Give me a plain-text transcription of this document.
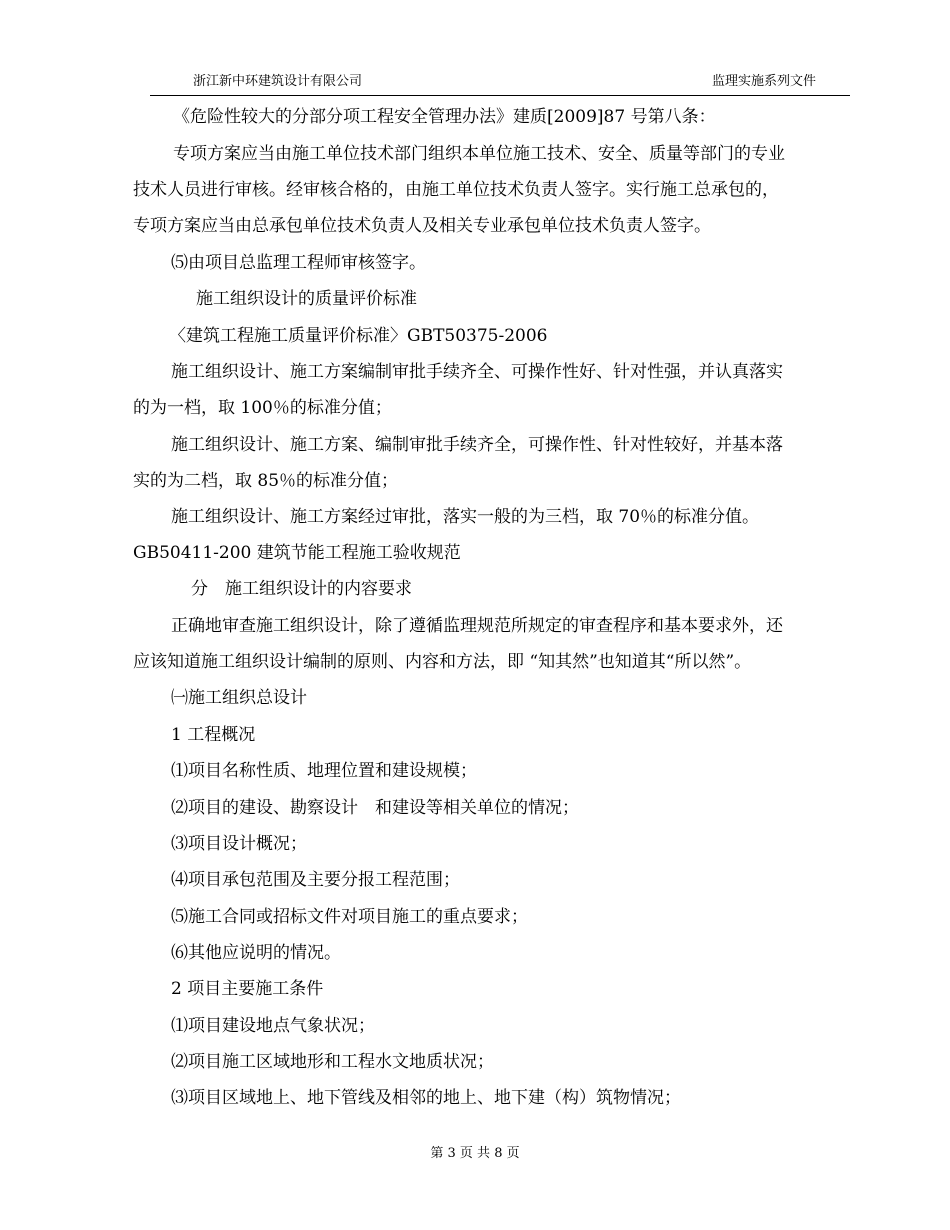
浙江新中环建筑设计有限公司	监理实施系列文件
《危险性较大的分部分项工程安全管理办法》建质[2009]87 号第八条：
专项方案应当由施工单位技术部门组织本单位施工技术、安全、质量等部门的专业
技术人员进行审核。经审核合格的，由施工单位技术负责人签字。实行施工总承包的，
专项方案应当由总承包单位技术负责人及相关专业承包单位技术负责人签字。
⑸由项目总监理工程师审核签字。
施工组织设计的质量评价标准
〈建筑工程施工质量评价标准〉GBT50375-2006
施工组织设计、施工方案编制审批手续齐全、可操作性好、针对性强，并认真落实
的为一档，取 100％的标准分值；
施工组织设计、施工方案、编制审批手续齐全，可操作性、针对性较好，并基本落
实的为二档，取 85％的标准分值；
施工组织设计、施工方案经过审批，落实一般的为三档，取 70％的标准分值。
GB50411-200 建筑节能工程施工验收规范
分　施工组织设计的内容要求
正确地审查施工组织设计，除了遵循监理规范所规定的审查程序和基本要求外，还
应该知道施工组织设计编制的原则、内容和方法，即 “知其然”也知道其“所以然”。
㈠施工组织总设计
1 工程概况
⑴项目名称性质、地理位置和建设规模；
⑵项目的建设、勘察设计　和建设等相关单位的情况；
⑶项目设计概况；
⑷项目承包范围及主要分报工程范围；
⑸施工合同或招标文件对项目施工的重点要求；
⑹其他应说明的情况。
2 项目主要施工条件
⑴项目建设地点气象状况；
⑵项目施工区域地形和工程水文地质状况；
⑶项目区域地上、地下管线及相邻的地上、地下建（构）筑物情况；
第 3 页 共 8 页
